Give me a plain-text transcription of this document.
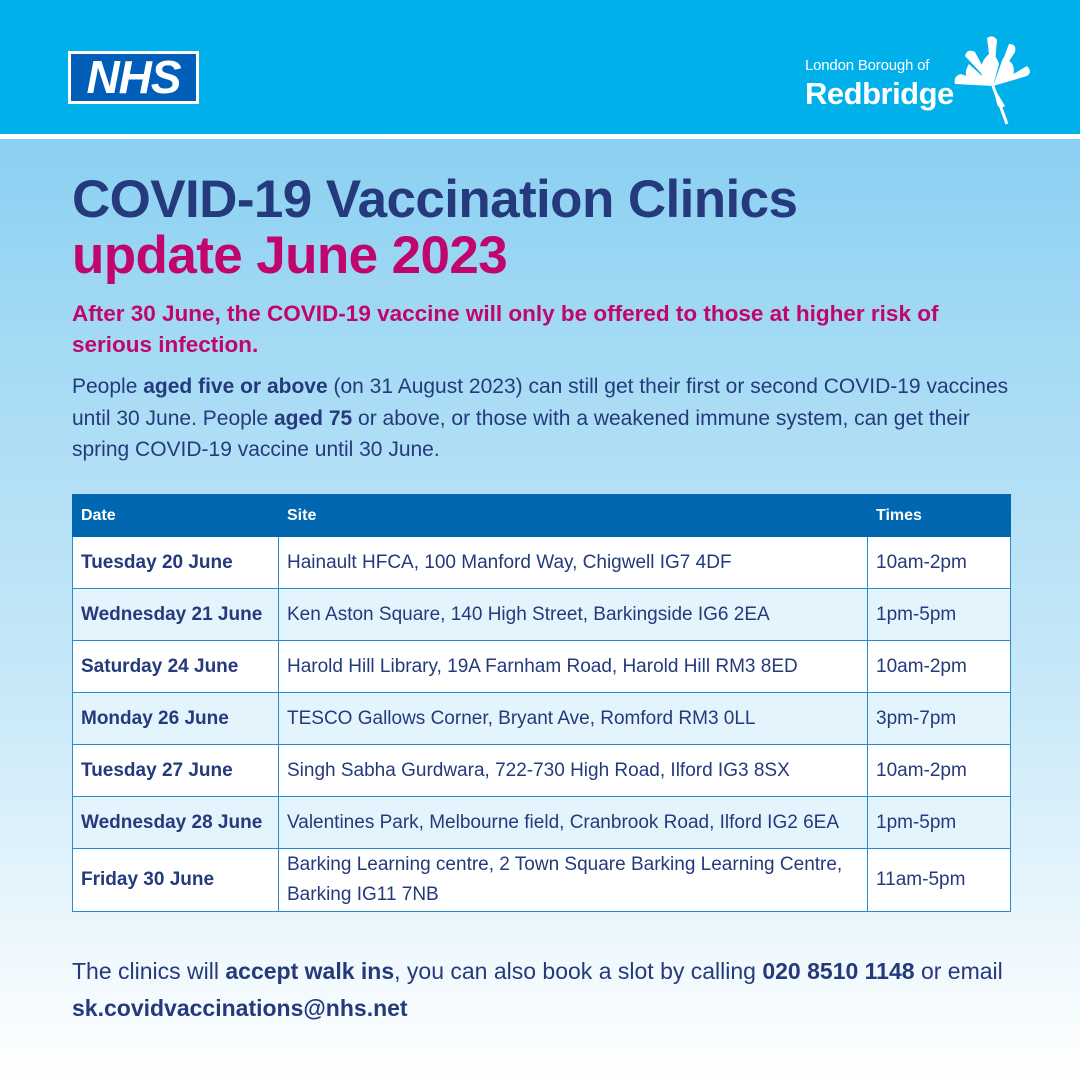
NHS	London Borough of
Redbridge
COVID-19 Vaccination Clinics
update June 2023
After 30 June, the COVID-19 vaccine will only be offered to those at higher risk of serious infection.
People aged five or above (on 31 August 2023) can still get their first or second COVID-19 vaccines until 30 June. People aged 75 or above, or those with a weakened immune system, can get their spring COVID-19 vaccine until 30 June.
Date	Site	Times
Tuesday 20 June	Hainault HFCA, 100 Manford Way, Chigwell IG7 4DF	10am-2pm
Wednesday 21 June	Ken Aston Square, 140 High Street, Barkingside IG6 2EA	1pm-5pm
Saturday 24 June	Harold Hill Library, 19A Farnham Road, Harold Hill RM3 8ED	10am-2pm
Monday 26 June	TESCO Gallows Corner, Bryant Ave, Romford RM3 0LL	3pm-7pm
Tuesday 27 June	Singh Sabha Gurdwara, 722-730 High Road, Ilford IG3 8SX	10am-2pm
Wednesday 28 June	Valentines Park, Melbourne field, Cranbrook Road, Ilford IG2 6EA	1pm-5pm
Friday 30 June	Barking Learning centre, 2 Town Square Barking Learning Centre, Barking IG11 7NB	11am-5pm
The clinics will accept walk ins, you can also book a slot by calling 020 8510 1148 or email sk.covidvaccinations@nhs.net
